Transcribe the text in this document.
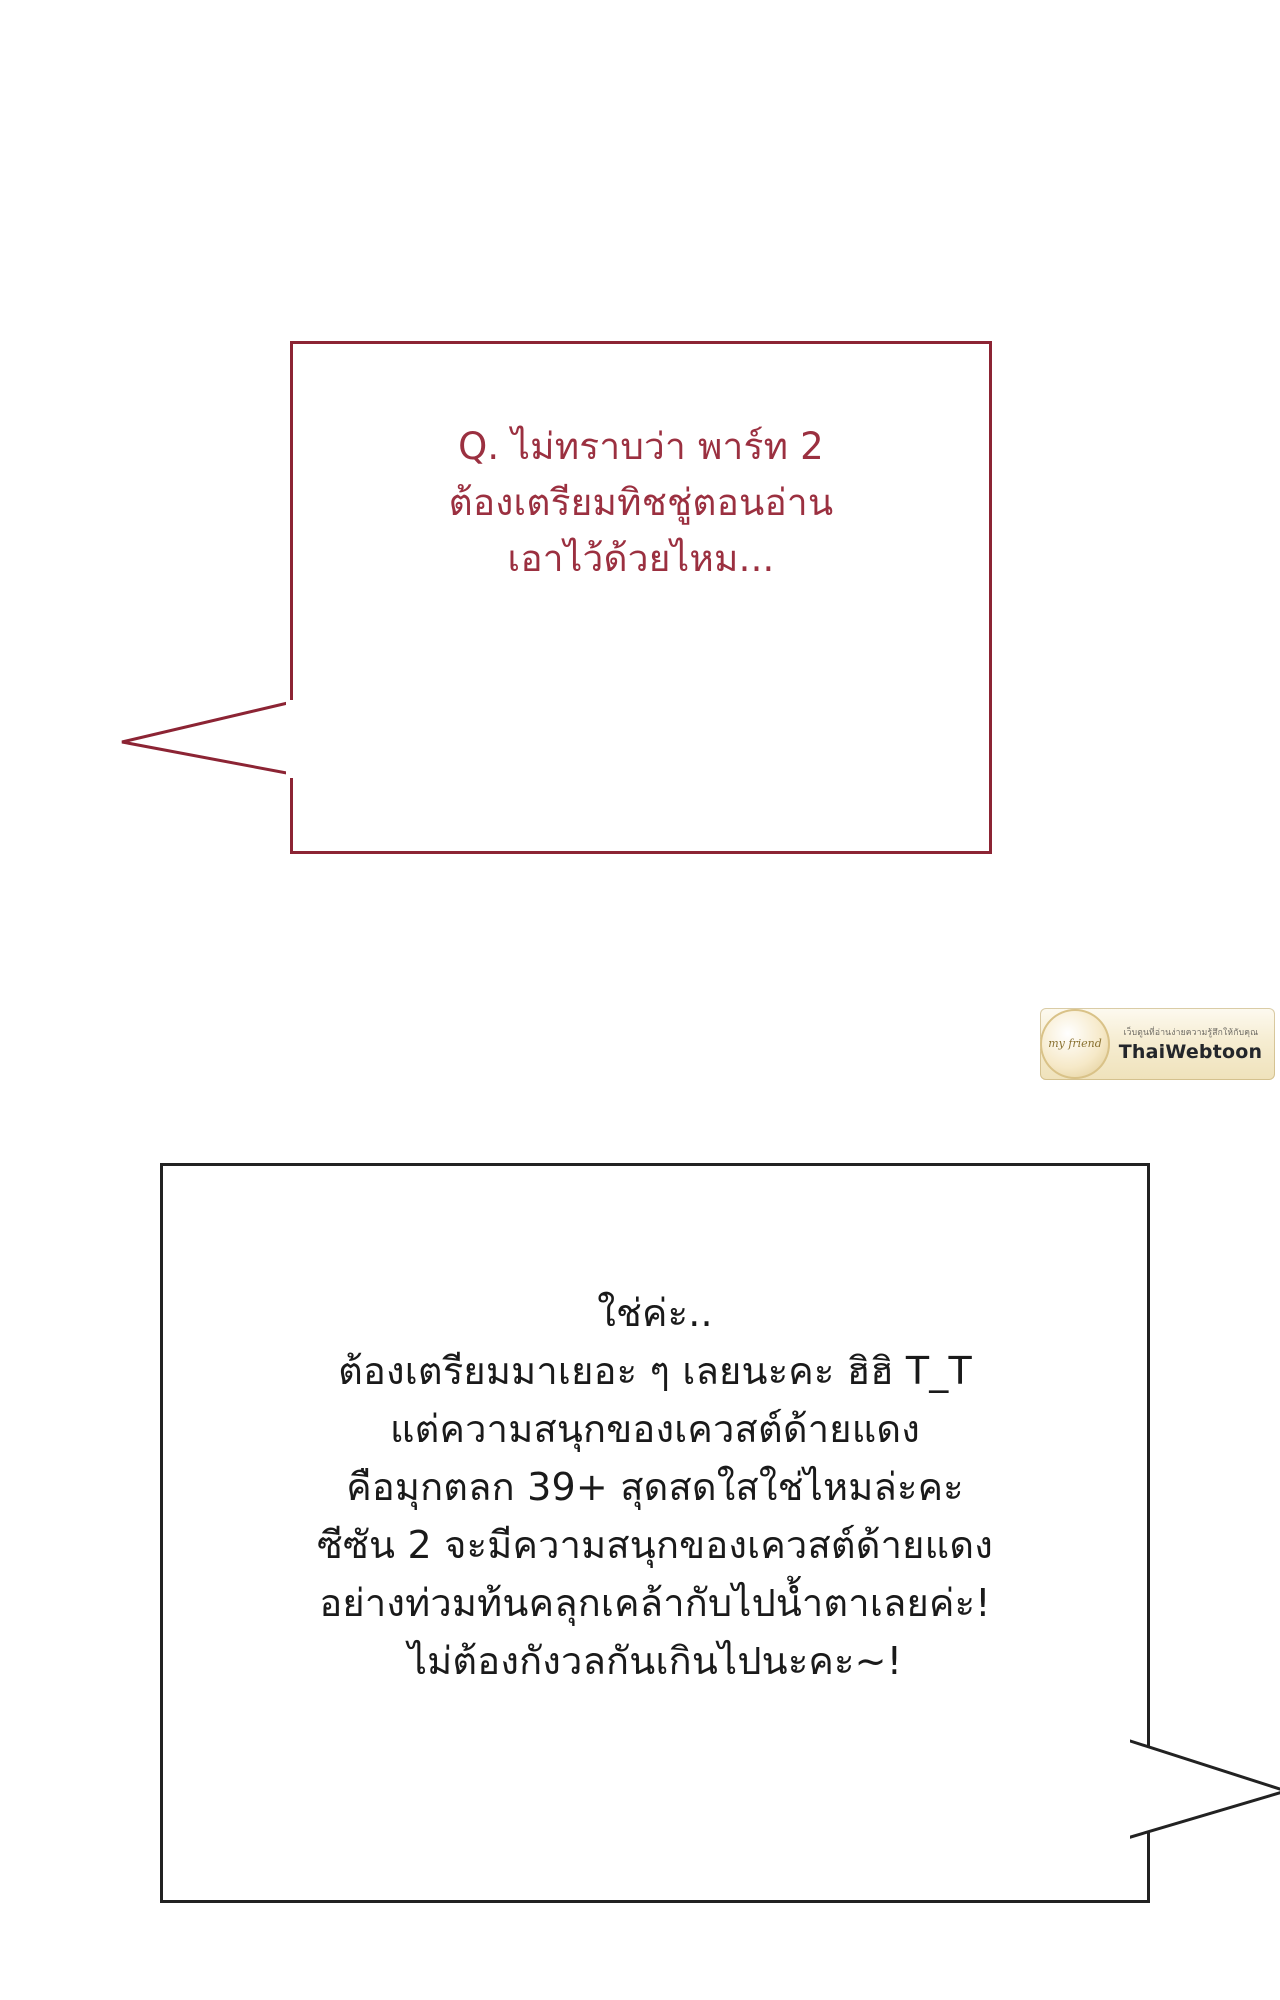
Q. ไม่ทราบว่า พาร์ท 2
ต้องเตรียมทิชชู่ตอนอ่าน
เอาไว้ด้วยไหม...
my friend
เว็บตูนที่อ่านง่ายความรู้สึกให้กับคุณ
ThaiWebtoon
ใช่ค่ะ..
ต้องเตรียมมาเยอะ ๆ เลยนะคะ ฮิฮิ T_T
แต่ความสนุกของเควสต์ด้ายแดง
คือมุกตลก 39+ สุดสดใสใช่ไหมล่ะคะ
ซีซัน 2 จะมีความสนุกของเควสต์ด้ายแดง
อย่างท่วมท้นคลุกเคล้ากับไปน้ำตาเลยค่ะ!
ไม่ต้องกังวลกันเกินไปนะคะ~!
